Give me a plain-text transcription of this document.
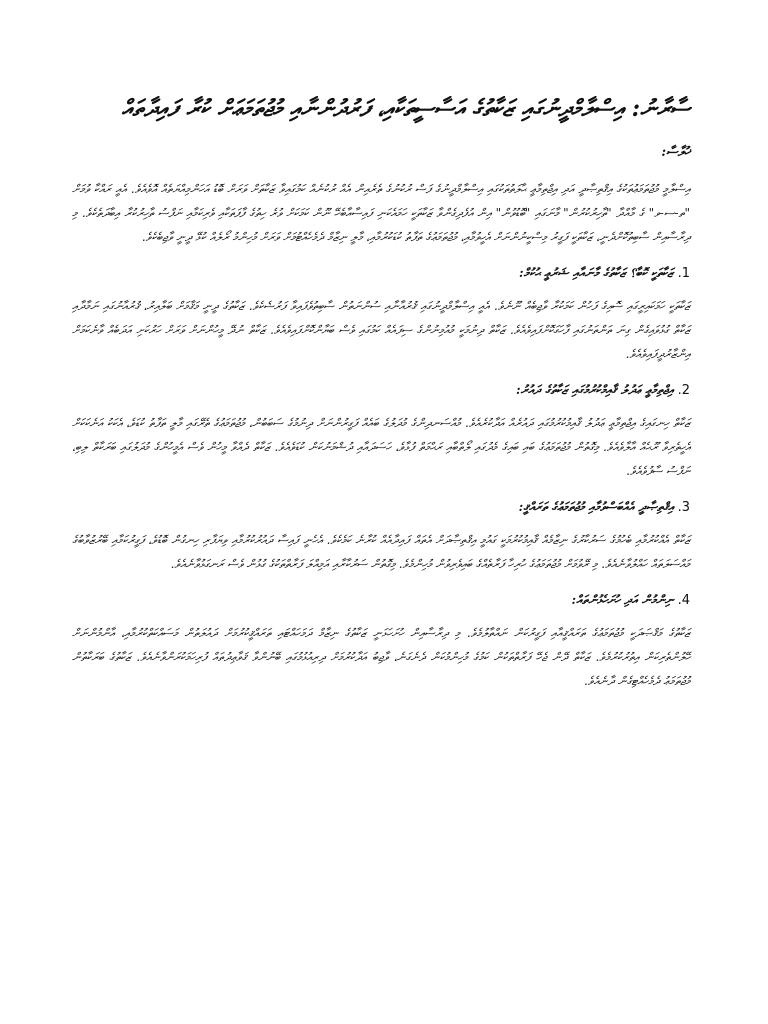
ސާރާނު: އިސްލާމްދީނުގައި ޒަކާތުގެ އަސާސީތަކާއި، ފަރުދުންނާއި މުޖުތަމަޢަށް ކުރާ ފައިދާތައް
ޚުލާސާ:

އިސްލާމީ މުޖުތަމަޢުތަކުގެ އިޤްތިޞާދީ އަދި އިޖްތިމާޢީ ޙާލަތުތަކުގައި އިސްލާމްދީނުގެ ފަސް ރުކުނުގެ ތެރެއިން އެއް ރުކުނެއް ކަމުގައިވާ ޒަކާތަށް ވަރަށް ބޮޑު އަހަންމިއްޔަތެއް އޮވެއެވެ. އެއީ ރައްކާ ވުމަށް "ތ-ސ-ވ" ގެ މާއްދާ "ތާހިރުކުރުން" މާނަގައި "ބޮޑުވުން" އިން އުފެދިގެންވާ ޒަކާތަކީ ހަމައެކަނި ފައިސާއާބެހޭ ނޫން ކަމަކަށް ވުރެ ހިތުގެ ފާފަތަކާއި ވެރިކަމާއި ނަފްސު ތާހިރުކުރާ އިބާދަތެކެވެ. މި ދިރާސާއިން ސާބިތުކޮށްދެނީ، ޒަކާތަކީ ފަގީރު މިސްކީނުންނަށް އެހީވުމާއި، މުޖުތަމަޢުގެ ތަފާތު ކުޑަކުރުމާއި، މާލީ ނިޒާމް ދެމެހެއްޓުމަށް ވަރަށް މުހިންމު ރޯލެއް ކުޅޭ ދީނީ ވާޖިބެކެވެ.

1. ޒަކާތަކީ ކޮބާ؟ ޒަކާތުގެ މާނައާއި ޝަރުޢީ ޙުކުމް:

ޒަކާތަކީ ހަމަކައިރީގައި ސޮއިގެ ފަހުން ކަމަކުރާ ވާޖިބެއް ނޫނެވެ. އެއީ އިސްލާމްދީނުގައި ޤުރުއާނާއި ސުންނަތުން ސާބިތުވެފައިވާ ފަރުޟެކެވެ. ޒަކާތުގެ ދީނީ މަޤާމަށް ބަލާއިރު، ޤުރުއާނުގައި ނަމާދާއި ޒަކާތް ގުޅުވައިގެން ގިނަ ތަންތަނުގައި ފާހަގަކޮށްފައިވެއެވެ. ޒަކާތް ދިނުމަކީ މުއުމިނުންގެ ސިފައެއް ކަމުގައި ވެސް ބަޔާންކޮށްފައިވެއެވެ. ޒަކާތް ނުދޭ މީހުންނަށް ވަރަށް ހަރުކަށި އަދަބެއް ވާނެކަމަށް އިންޒާރުދީފައިވެއެވެ.

2. އިޖްތިމާޢީ ޢަދުލު ޤާއިމްކުރުމުގައި ޒަކާތުގެ ދައުރު:

ޒަކާތް ހިނގައިގެ އިޖްތިމާޢީ ޢަދުލު ޤާއިމުކުރުމުގައި ދައުރެއް އަދާކުރެއެވެ. މުއްސަނދިންގެ މުދަލުގެ ބައެއް ފަގީރުންނަށް ދިނުމުގެ ސަބަބުން، މުޖުތަމަޢުގެ ތެރޭގައި މާލީ ތަފާތު ކުޑަވެ، އެކަކު އަނެކަކަށް އެހީތެރިވާ ރޫޙެއް އާލާވެއެވެ. މިގޮތުން މުޖުތަމަޢުގެ ބައި ބައިގެ މެދުގައި ލޯތްބާއި ރަޙްމަތް ފުޅާވެ، ހަސަދައާއި ދުޝްމަނުކަން ކުޑަވެއެވެ. ޒަކާތް ދެއްވާ މީހުން ވެސް އެމީހުންގެ މުދަލުގައި ބަރަކާތް ލިބި، ނަފްސު ސާފުވެއެވެ.

3. އިޤްތިޞާދީ އެއްބަސްވުމާއި މުޖުތަމަޢުގެ ތަރައްޤީ:

ޒަކާތް އެއްކުރުމާއި ބެހުމުގެ ސަރުކާރުގެ ނިޒާމެއް ޤާއިމުކުރުމަކީ ގައުމީ އިޤްތިޞާދަށް އެތައް ފައިދާއެއް ކުރާނެ ކަމެކެވެ. އެހެނީ ފައިސާ ދައުރުކުރުމާއި ވިޔަފާރި ހިނގުން ބޮޑުވެ، ފަގީރުކަމާއި ބޭރުޒުވާބުގެ މައްސަލަތައް ހައްލުވާނެއެވެ. މި ރޭވުމަށް މުޖުތަމަޢުގެ ހުރިހާ ފަރާތެއްގެ ބައިވެރިވުން މުހިންމެވެ. މިގޮތުން ސަރުކާރާއި އަމިއްލަ ފަރާތްތަކުގެ ގުޅުން ވެސް ރަނގަޅުވާނެއެވެ.

4. ނިންމުން އަދި ހުށަހެޅުންތައް:

ޒަކާތުގެ މަޤްޞަދަކީ މުޖުތަމަޢުގެ ތަރައްޤީއާއި ފަގީރުކަން ނައްތާލުމެވެ. މި ދިރާސާއިން ހުށަހަޅަނީ ޒަކާތުގެ ނިޒާމް ދަމަހައްޓައި ތަރައްޤީކުރުމަށް ދައުލަތުން މަސައްކަތްކުރުމާއި، އާންމުންނަށް ހޭލުންތެރިކަން އިތުރުކުރުމެވެ. ޒަކާތް ދޭން ޖެހޭ ފަރާތްތަކުން ކަމުގެ މުހިންމުކަން ދެނެގަނެ، ވާޖިބު އަދާކުރުމަށް ދިރިއުޅުމުގައި ބޭނުންވާ ޤަވާޢިދުތައް ފުރިހަމަކުރަންވާނެއެވެ. ޒަކާތުގެ ބަރަކާތުން މުޖުތަމަޢު ދެމެހެއްޓިގެން ދާނެއެވެ.
